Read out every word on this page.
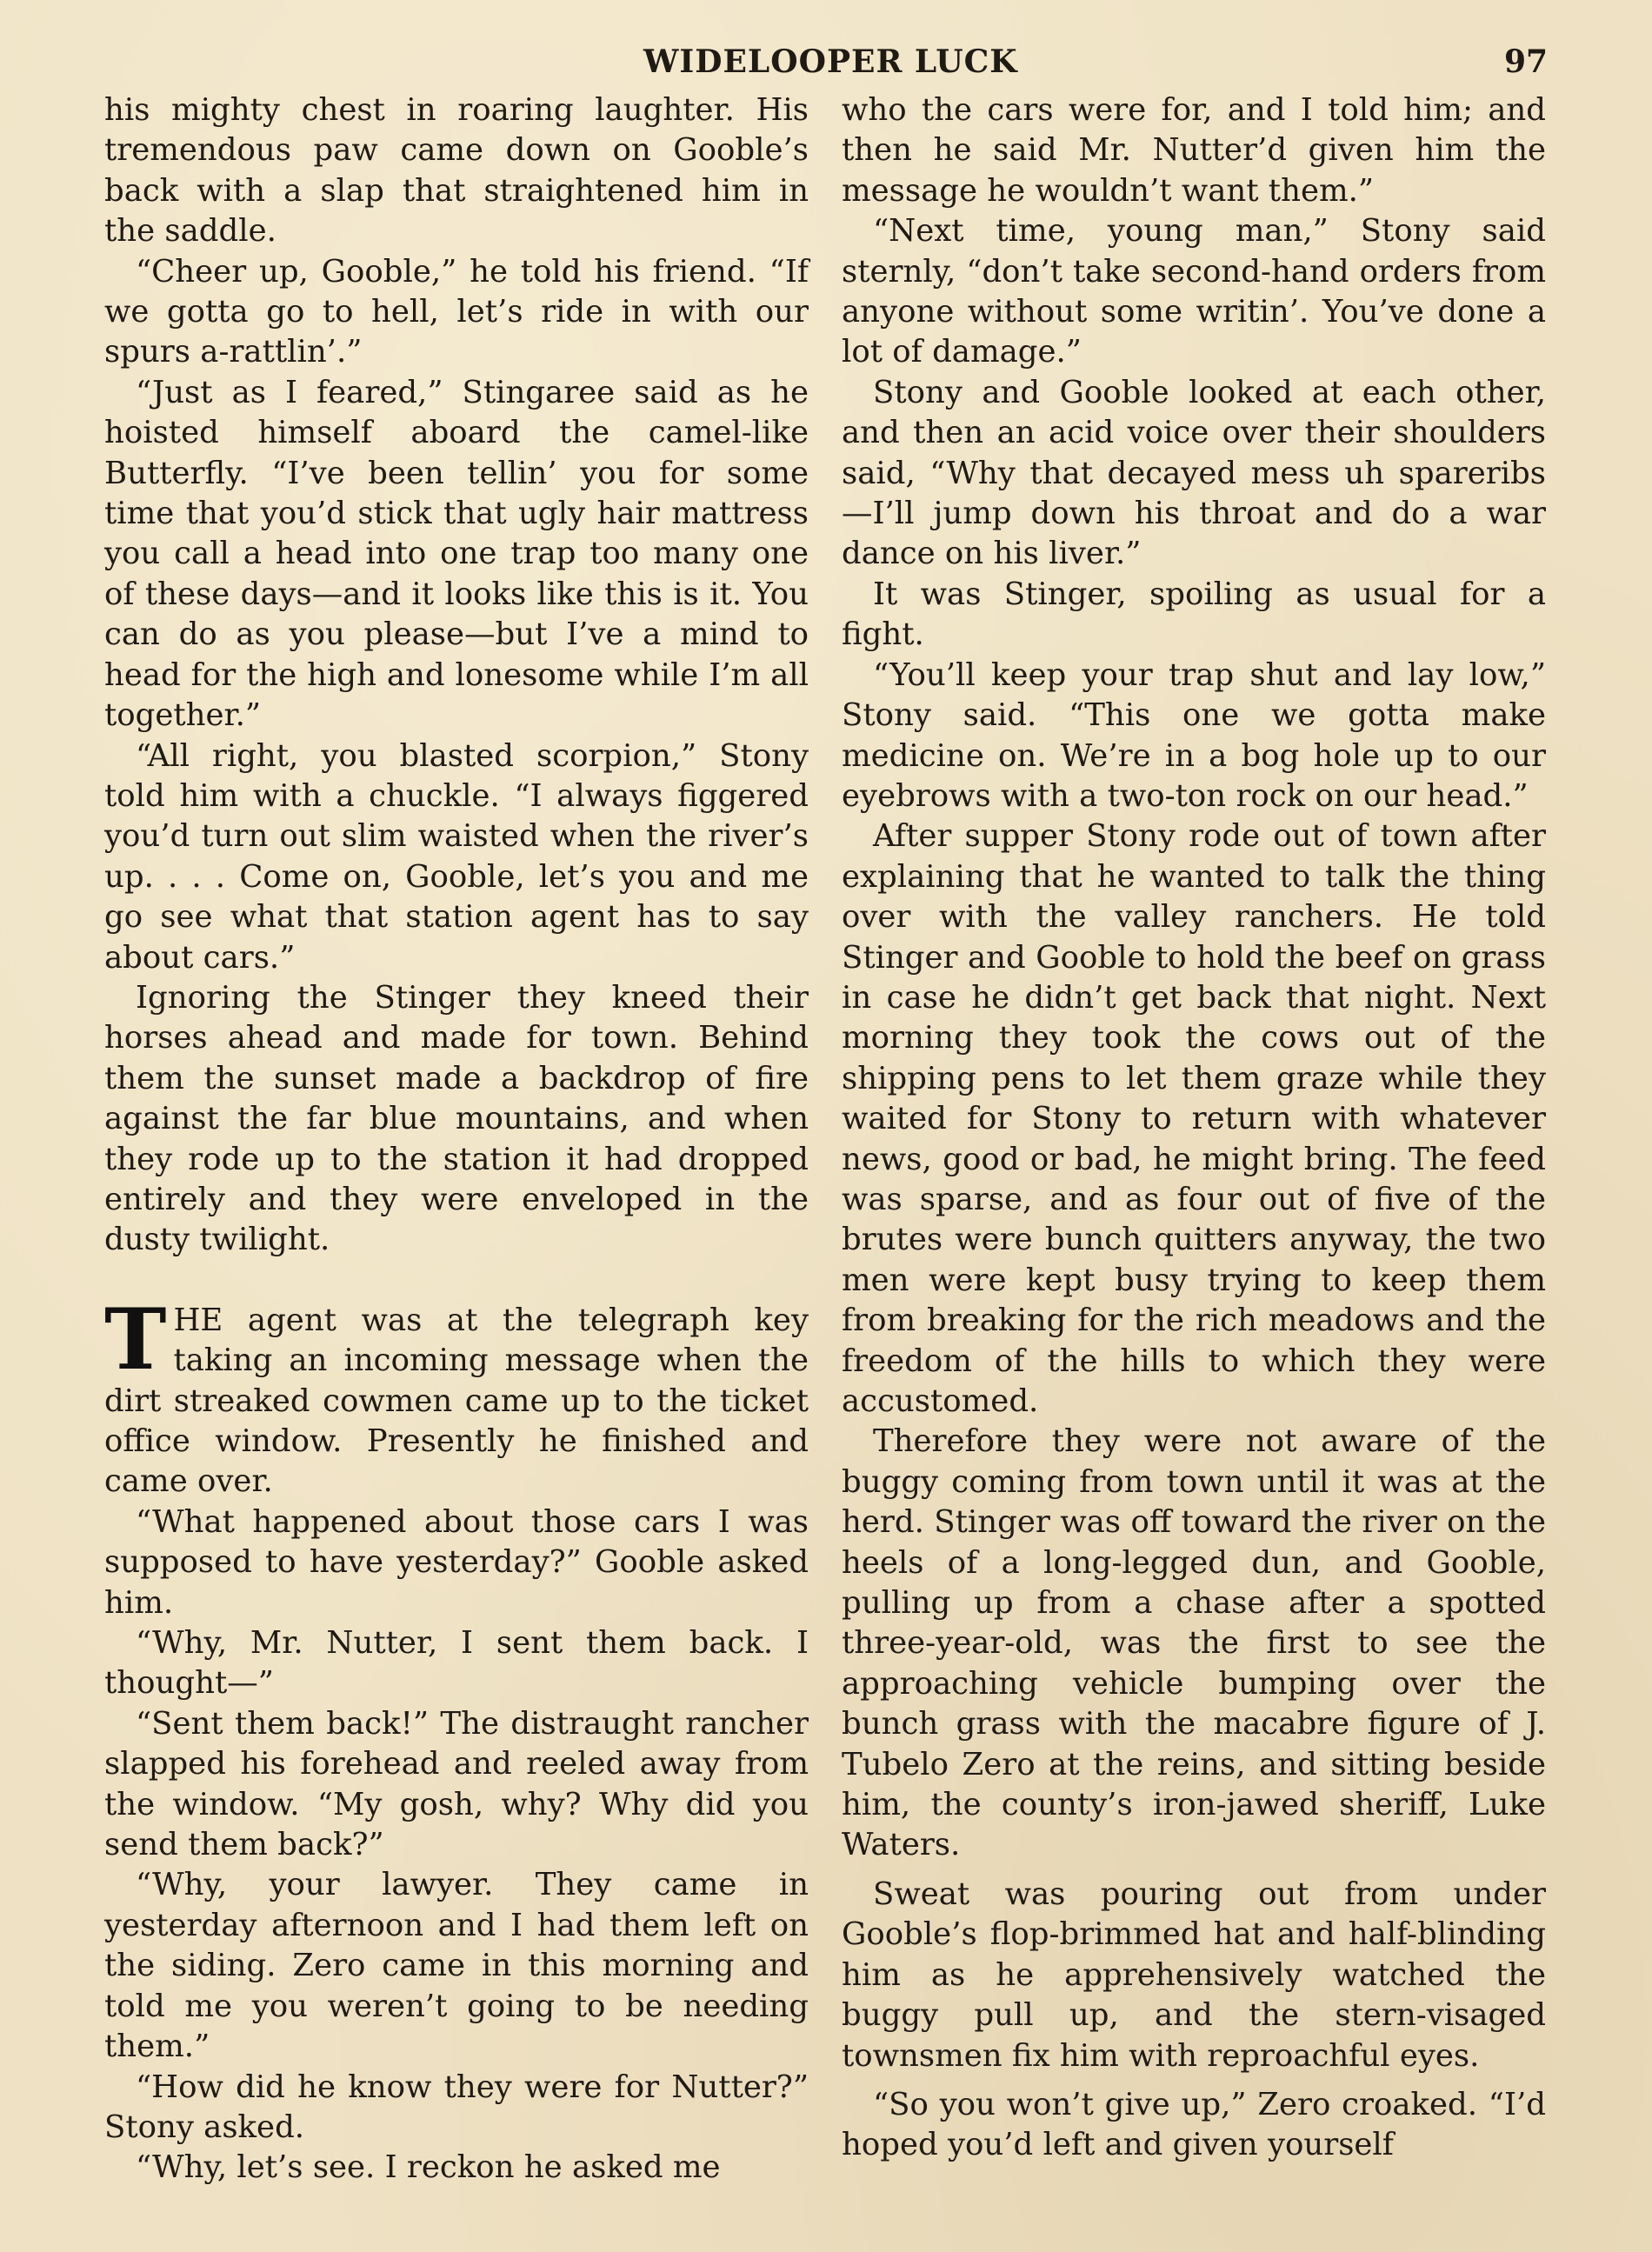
WIDELOOPER LUCK	97

his mighty chest in roaring laughter. His tremendous paw came down on Gooble’s back with a slap that straightened him in the saddle.

“Cheer up, Gooble,” he told his friend. “If we gotta go to hell, let’s ride in with our spurs a-rattlin’.”

“Just as I feared,” Stingaree said as he hoisted himself aboard the camel-like Butterfly. “I’ve been tellin’ you for some time that you’d stick that ugly hair mattress you call a head into one trap too many one of these days—and it looks like this is it. You can do as you please—but I’ve a mind to head for the high and lonesome while I’m all together.”

“All right, you blasted scorpion,” Stony told him with a chuckle. “I always figgered you’d turn out slim waisted when the river’s up. . . . Come on, Gooble, let’s you and me go see what that station agent has to say about cars.”

Ignoring the Stinger they kneed their horses ahead and made for town. Behind them the sunset made a backdrop of fire against the far blue mountains, and when they rode up to the station it had dropped entirely and they were enveloped in the dusty twilight.

THE agent was at the telegraph key taking an incoming message when the dirt streaked cowmen came up to the ticket office window. Presently he finished and came over.

“What happened about those cars I was supposed to have yesterday?” Gooble asked him.

“Why, Mr. Nutter, I sent them back. I thought—”

“Sent them back!” The distraught rancher slapped his forehead and reeled away from the window. “My gosh, why? Why did you send them back?”

“Why, your lawyer. They came in yesterday afternoon and I had them left on the siding. Zero came in this morning and told me you weren’t going to be needing them.”

“How did he know they were for Nutter?” Stony asked.

“Why, let’s see. I reckon he asked me

who the cars were for, and I told him; and then he said Mr. Nutter’d given him the message he wouldn’t want them.”

“Next time, young man,” Stony said sternly, “don’t take second-hand orders from anyone without some writin’. You’ve done a lot of damage.”

Stony and Gooble looked at each other, and then an acid voice over their shoulders said, “Why that decayed mess uh spareribs—I’ll jump down his throat and do a war dance on his liver.”

It was Stinger, spoiling as usual for a fight.

“You’ll keep your trap shut and lay low,” Stony said. “This one we gotta make medicine on. We’re in a bog hole up to our eyebrows with a two-ton rock on our head.”

After supper Stony rode out of town after explaining that he wanted to talk the thing over with the valley ranchers. He told Stinger and Gooble to hold the beef on grass in case he didn’t get back that night. Next morning they took the cows out of the shipping pens to let them graze while they waited for Stony to return with whatever news, good or bad, he might bring. The feed was sparse, and as four out of five of the brutes were bunch quitters anyway, the two men were kept busy trying to keep them from breaking for the rich meadows and the freedom of the hills to which they were accustomed.

Therefore they were not aware of the buggy coming from town until it was at the herd. Stinger was off toward the river on the heels of a long-legged dun, and Gooble, pulling up from a chase after a spotted three-year-old, was the first to see the approaching vehicle bumping over the bunch grass with the macabre figure of J. Tubelo Zero at the reins, and sitting beside him, the county’s iron-jawed sheriff, Luke Waters.

Sweat was pouring out from under Gooble’s flop-brimmed hat and half-blinding him as he apprehensively watched the buggy pull up, and the stern-visaged townsmen fix him with reproachful eyes.

“So you won’t give up,” Zero croaked. “I’d hoped you’d left and given yourself
